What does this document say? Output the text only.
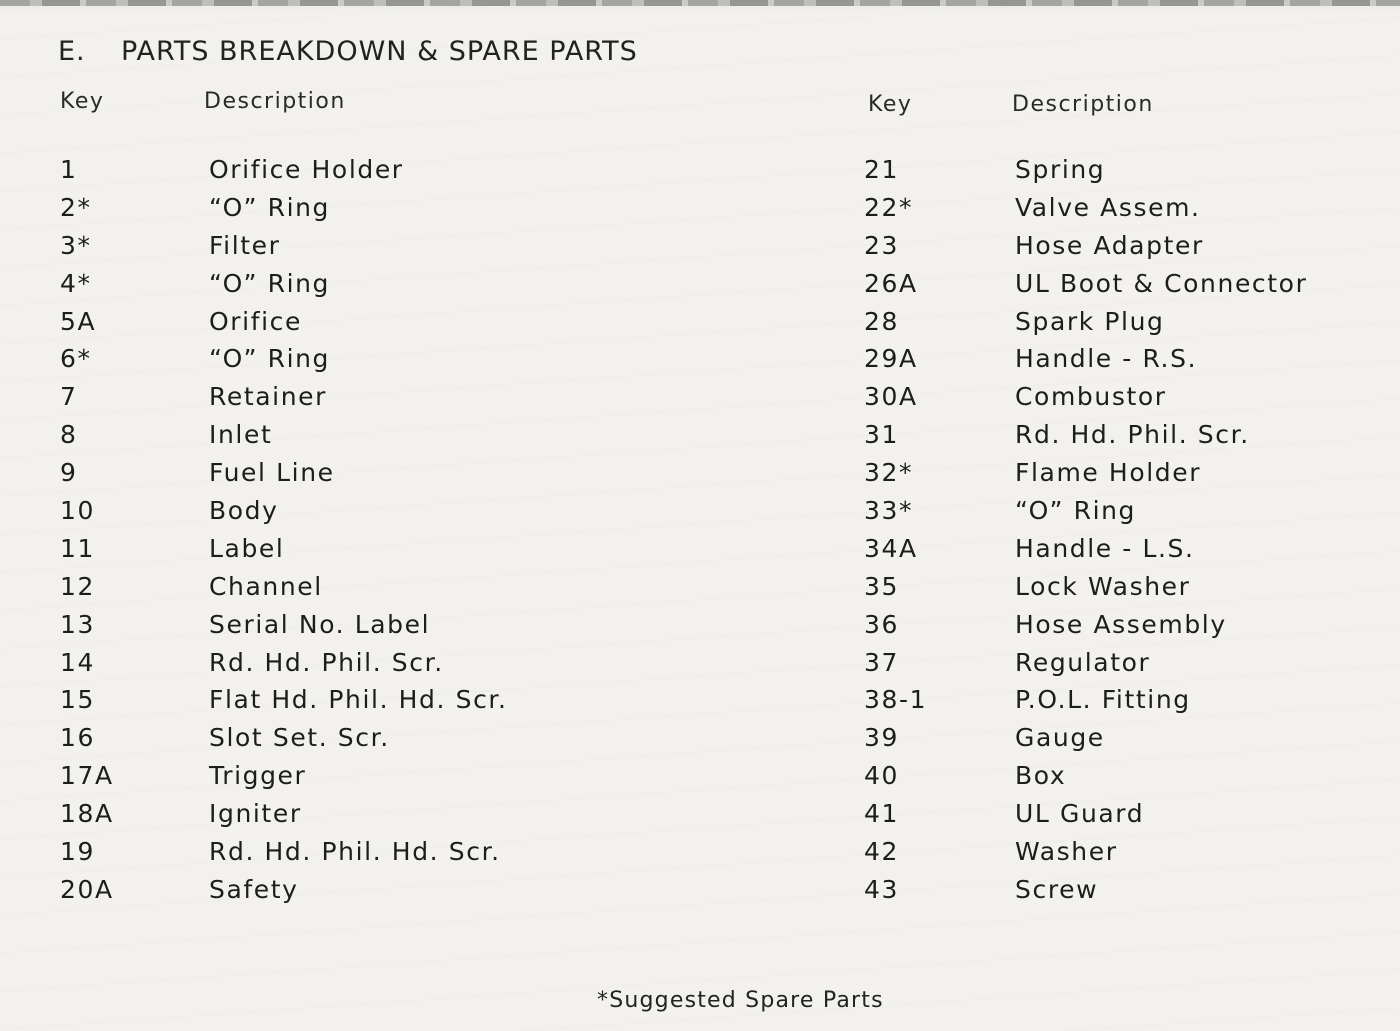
E. PARTS BREAKDOWN & SPARE PARTS
Key	Description	Key	Description
1	Orifice Holder
2*	“O” Ring
3*	Filter
4*	“O” Ring
5A	Orifice
6*	“O” Ring
7	Retainer
8	Inlet
9	Fuel Line
10	Body
11	Label
12	Channel
13	Serial No. Label
14	Rd. Hd. Phil. Scr.
15	Flat Hd. Phil. Hd. Scr.
16	Slot Set. Scr.
17A	Trigger
18A	Igniter
19	Rd. Hd. Phil. Hd. Scr.
20A	Safety
21	Spring
22*	Valve Assem.
23	Hose Adapter
26A	UL Boot & Connector
28	Spark Plug
29A	Handle - R.S.
30A	Combustor
31	Rd. Hd. Phil. Scr.
32*	Flame Holder
33*	“O” Ring
34A	Handle - L.S.
35	Lock Washer
36	Hose Assembly
37	Regulator
38-1	P.O.L. Fitting
39	Gauge
40	Box
41	UL Guard
42	Washer
43	Screw
*Suggested Spare Parts
